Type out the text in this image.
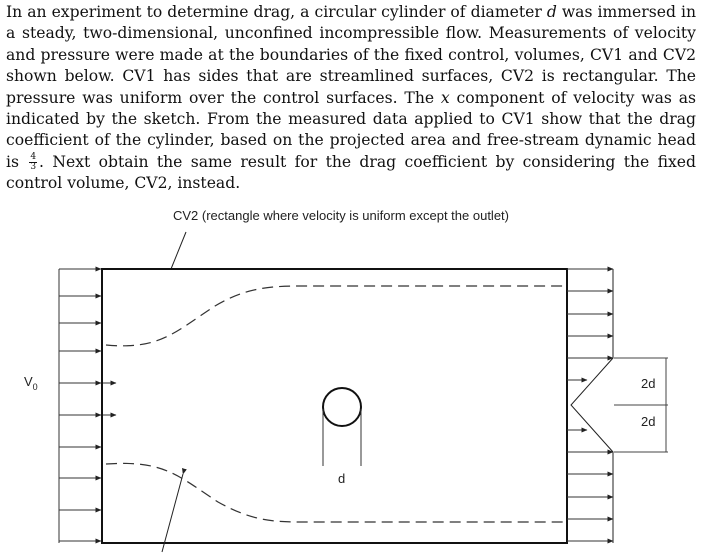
In an experiment to determine drag, a circular cylinder of diameter d was immersed in a steady, two-dimensional, unconfined incompressible flow. Measurements of velocity and pressure were made at the boundaries of the fixed control, volumes, CV1 and CV2 shown below. CV1 has sides that are streamlined surfaces, CV2 is rectangular. The pressure was uniform over the control surfaces. The x component of velocity was as indicated by the sketch. From the measured data applied to CV1 show that the drag coefficient of the cylinder, based on the projected area and free-stream dynamic head is $\frac{4}{3}$ . Next obtain the same result for the drag coefficient by considering the fixed control volume, CV2, instead.

CV2 (rectangle where velocity is uniform except the outlet)
$V_0$
d
2d
2d
